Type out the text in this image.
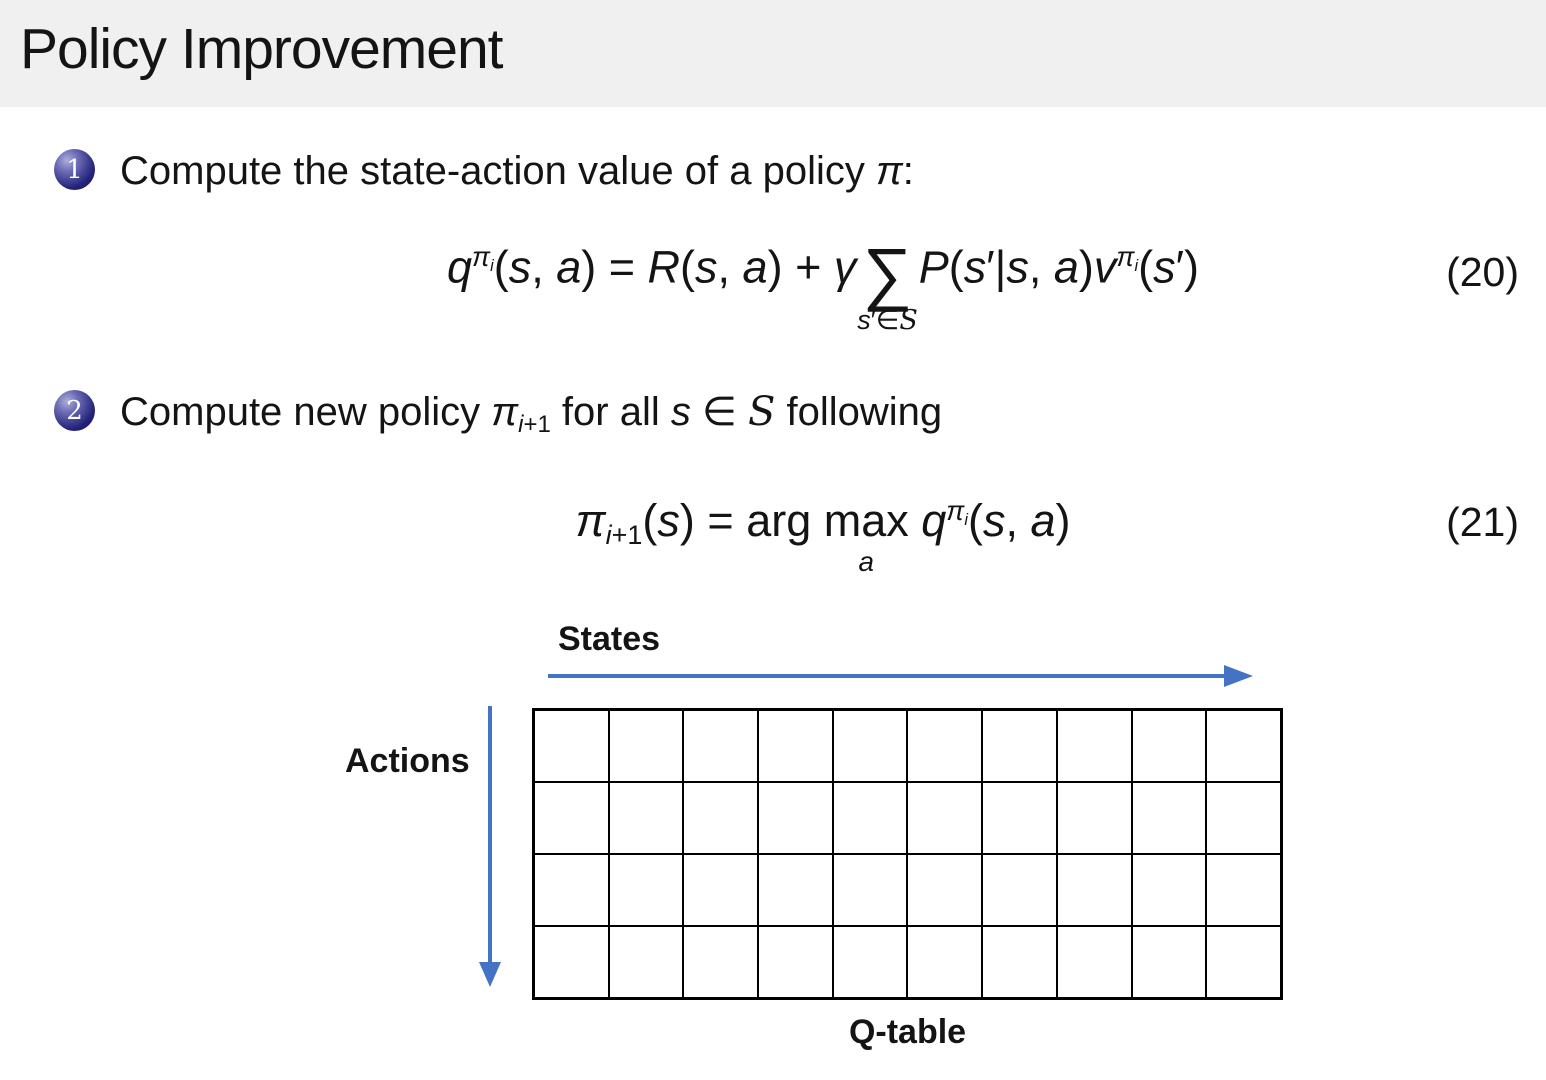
Policy Improvement
1 Compute the state-action value of a policy π:
$q^{\pi i}(s$, a) = R(s, a) + γ∑
s′∈S
P(s′|s, $a)v^{\pi i}(s')$	(20)
2 Compute new policy πi+1 for all s ∈ S following
πi+1(s) = arg max
a
$q^{\pi i}(s$, a)	(21)
States
Actions
Q-table
